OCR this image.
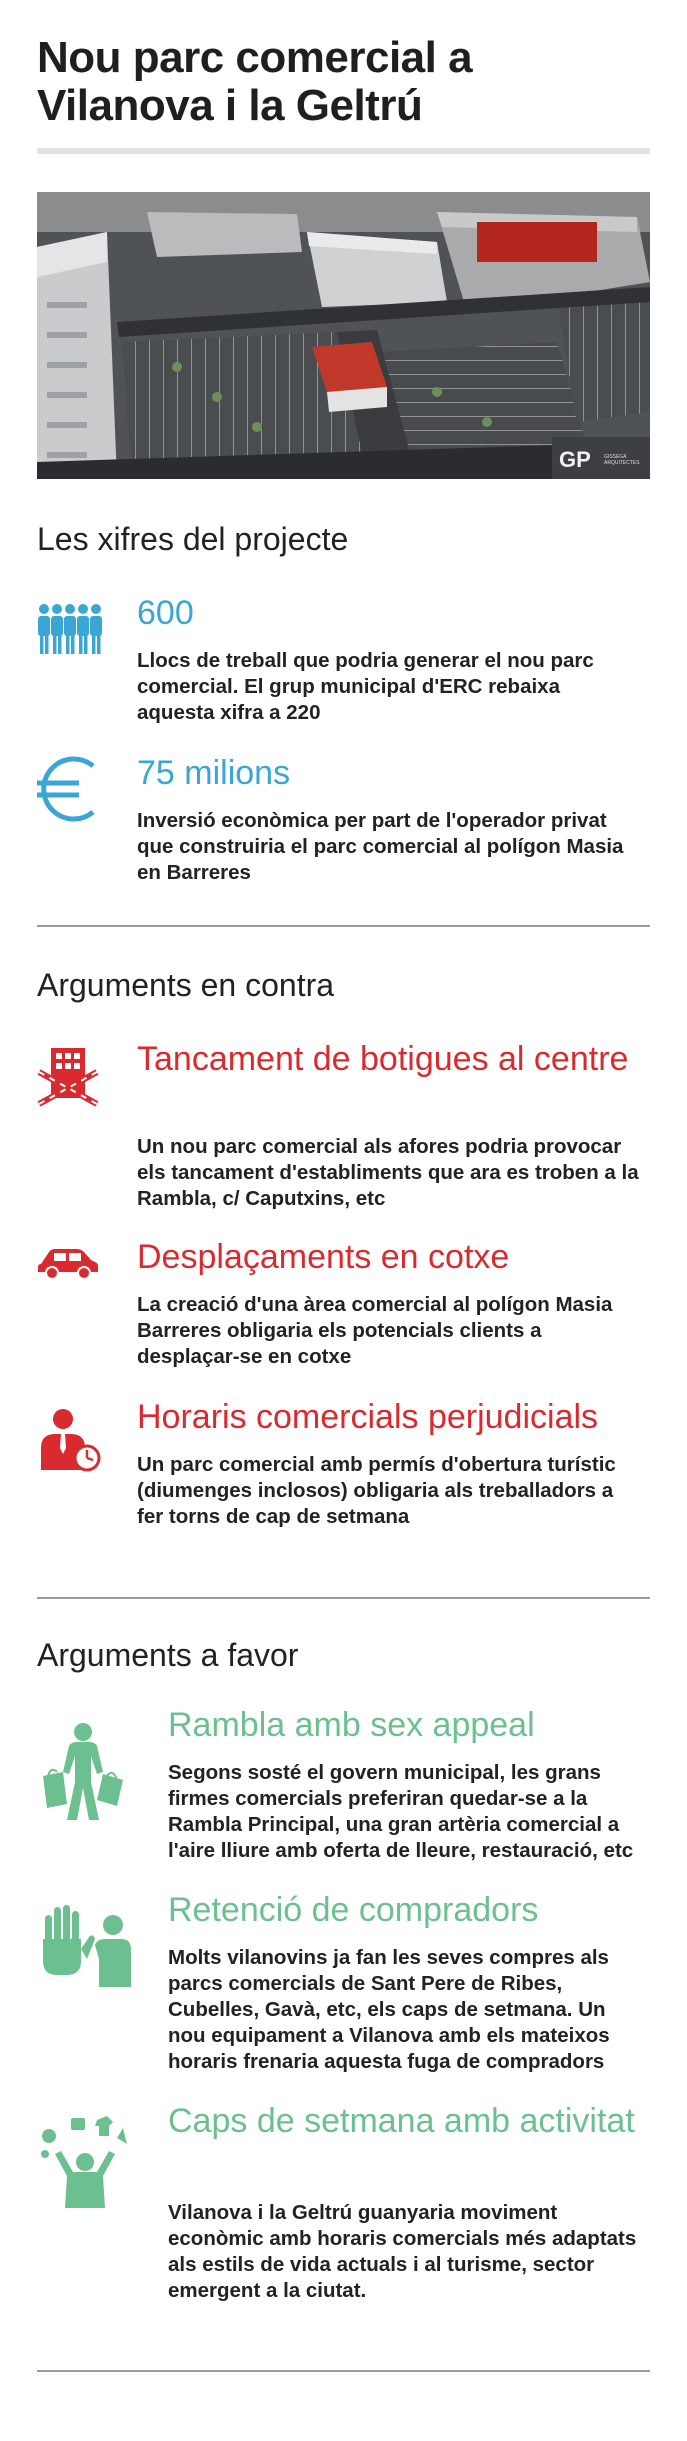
Nou parc comercial a Vilanova i la Geltrú
GP	GISSEGA ARQUITECTES
Les xifres del projecte
600
Llocs de treball que podria generar el nou parc comercial. El grup municipal d'ERC rebaixa aquesta xifra a 220
75 milions
Inversió econòmica per part de l'operador privat que construiria el parc comercial al polígon Masia en Barreres
Arguments en contra
Tancament de botigues al centre
Un nou parc comercial als afores podria provocar els tancament d'establiments que ara es troben a la Rambla, c/ Caputxins, etc
Desplaçaments en cotxe
La creació d'una àrea comercial al polígon Masia Barreres obligaria els potencials clients a desplaçar-se en cotxe
Horaris comercials perjudicials
Un parc comercial amb permís d'obertura turístic (diumenges inclosos) obligaria als treballadors a fer torns de cap de setmana
Arguments a favor
Rambla amb sex appeal
Segons sosté el govern municipal, les grans firmes comercials preferiran quedar-se a la Rambla Principal, una gran artèria comercial a l'aire lliure amb oferta de lleure, restauració, etc
Retenció de compradors
Molts vilanovins ja fan les seves compres als parcs comercials de Sant Pere de Ribes, Cubelles, Gavà, etc, els caps de setmana. Un nou equipament a Vilanova amb els mateixos horaris frenaria aquesta fuga de compradors
Caps de setmana amb activitat
Vilanova i la Geltrú guanyaria moviment econòmic amb horaris comercials més adaptats als estils de vida actuals i al turisme, sector emergent a la ciutat.
